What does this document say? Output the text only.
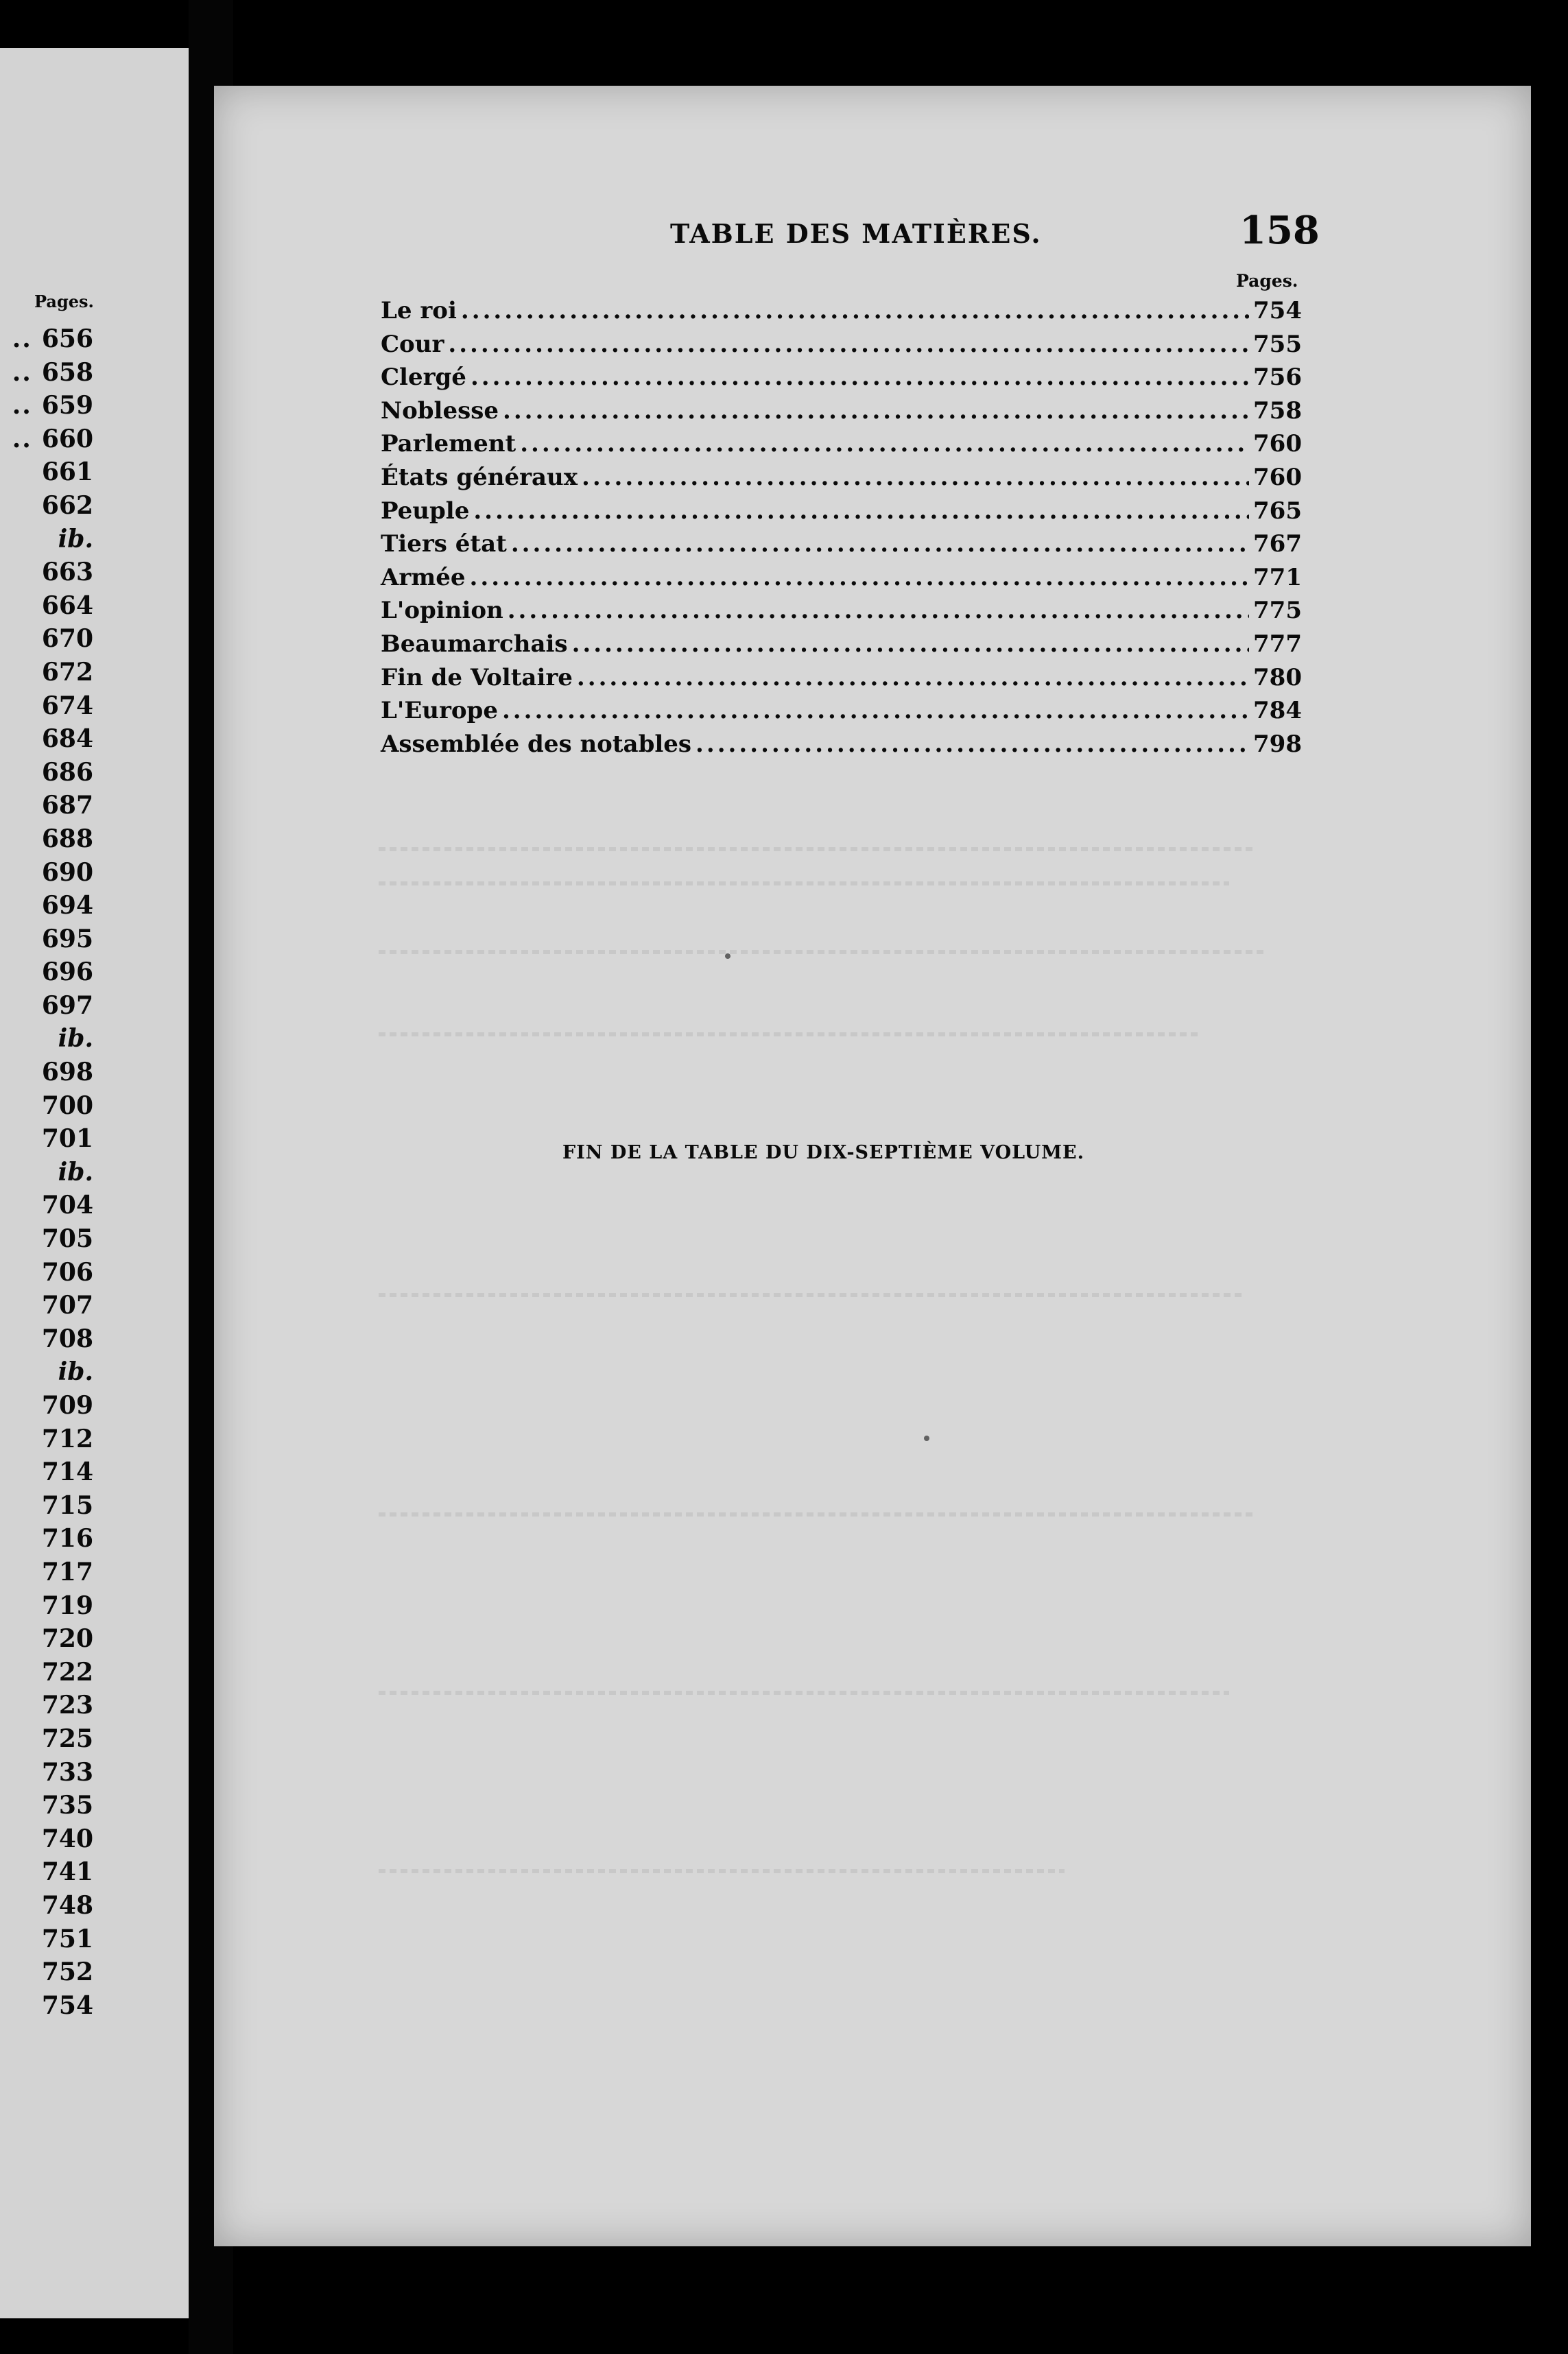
Pages.
.. 656
.. 658
.. 659
.. 660
661
662
ib.
663
664
670
672
674
684
686
687
688
690
694
695
696
697
ib.
698
700
701
ib.
704
705
706
707
708
ib.
709
712
714
715
716
717
719
720
722
723
725
733
735
740
741
748
751
752
754
TABLE DES MATIÈRES.	158
Pages.
Le roi .....	754
Cour .....	755
Clergé .....	756
Noblesse .....	758
Parlement .....	760
États généraux .....	760
Peuple .....	765
Tiers état .....	767
Armée .....	771
L'opinion .....	775
Beaumarchais .....	777
Fin de Voltaire .....	780
L'Europe .....	784
Assemblée des notables .....	798
FIN DE LA TABLE DU DIX-SEPTIÈME VOLUME.
